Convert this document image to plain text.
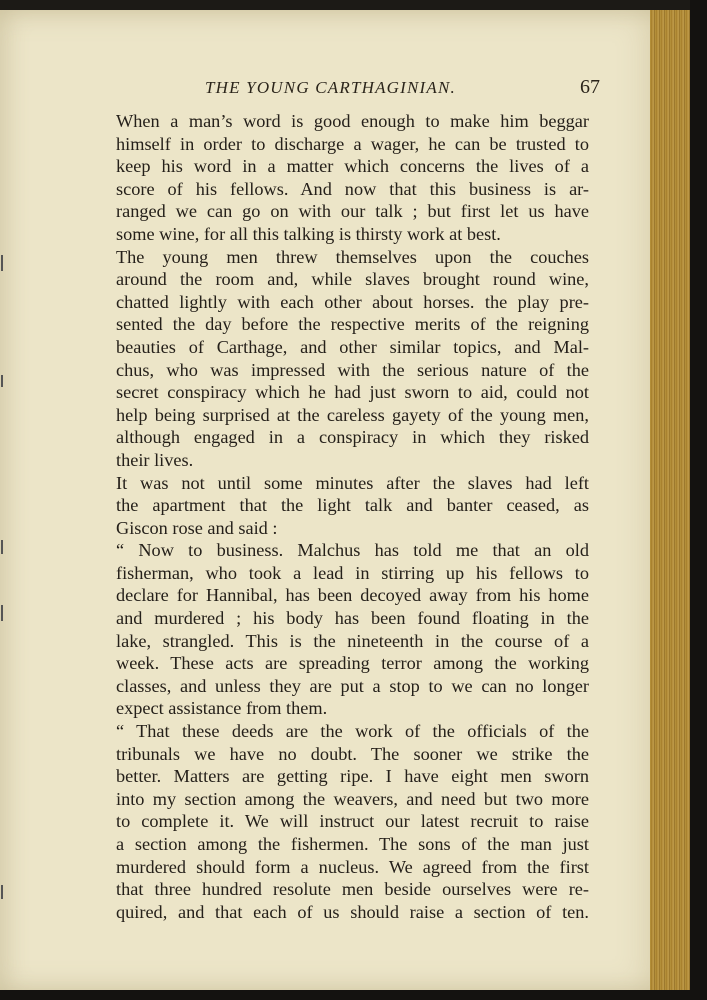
THE YOUNG CARTHAGINIAN.	67
When a man’s word is good enough to make him beggar
himself in order to discharge a wager, he can be trusted to
keep his word in a matter which concerns the lives of a
score of his fellows. And now that this business is ar-
ranged we can go on with our talk ; but first let us have
some wine, for all this talking is thirsty work at best.
The young men threw themselves upon the couches
around the room and, while slaves brought round wine,
chatted lightly with each other about horses. the play pre-
sented the day before the respective merits of the reigning
beauties of Carthage, and other similar topics, and Mal-
chus, who was impressed with the serious nature of the
secret conspiracy which he had just sworn to aid, could not
help being surprised at the careless gayety of the young men,
although engaged in a conspiracy in which they risked
their lives.
It was not until some minutes after the slaves had left
the apartment that the light talk and banter ceased, as
Giscon rose and said :
“ Now to business. Malchus has told me that an old
fisherman, who took a lead in stirring up his fellows to
declare for Hannibal, has been decoyed away from his home
and murdered ; his body has been found floating in the
lake, strangled. This is the nineteenth in the course of a
week. These acts are spreading terror among the working
classes, and unless they are put a stop to we can no longer
expect assistance from them.
“ That these deeds are the work of the officials of the
tribunals we have no doubt. The sooner we strike the
better. Matters are getting ripe. I have eight men sworn
into my section among the weavers, and need but two more
to complete it. We will instruct our latest recruit to raise
a section among the fishermen. The sons of the man just
murdered should form a nucleus. We agreed from the first
that three hundred resolute men beside ourselves were re-
quired, and that each of us should raise a section of ten.
